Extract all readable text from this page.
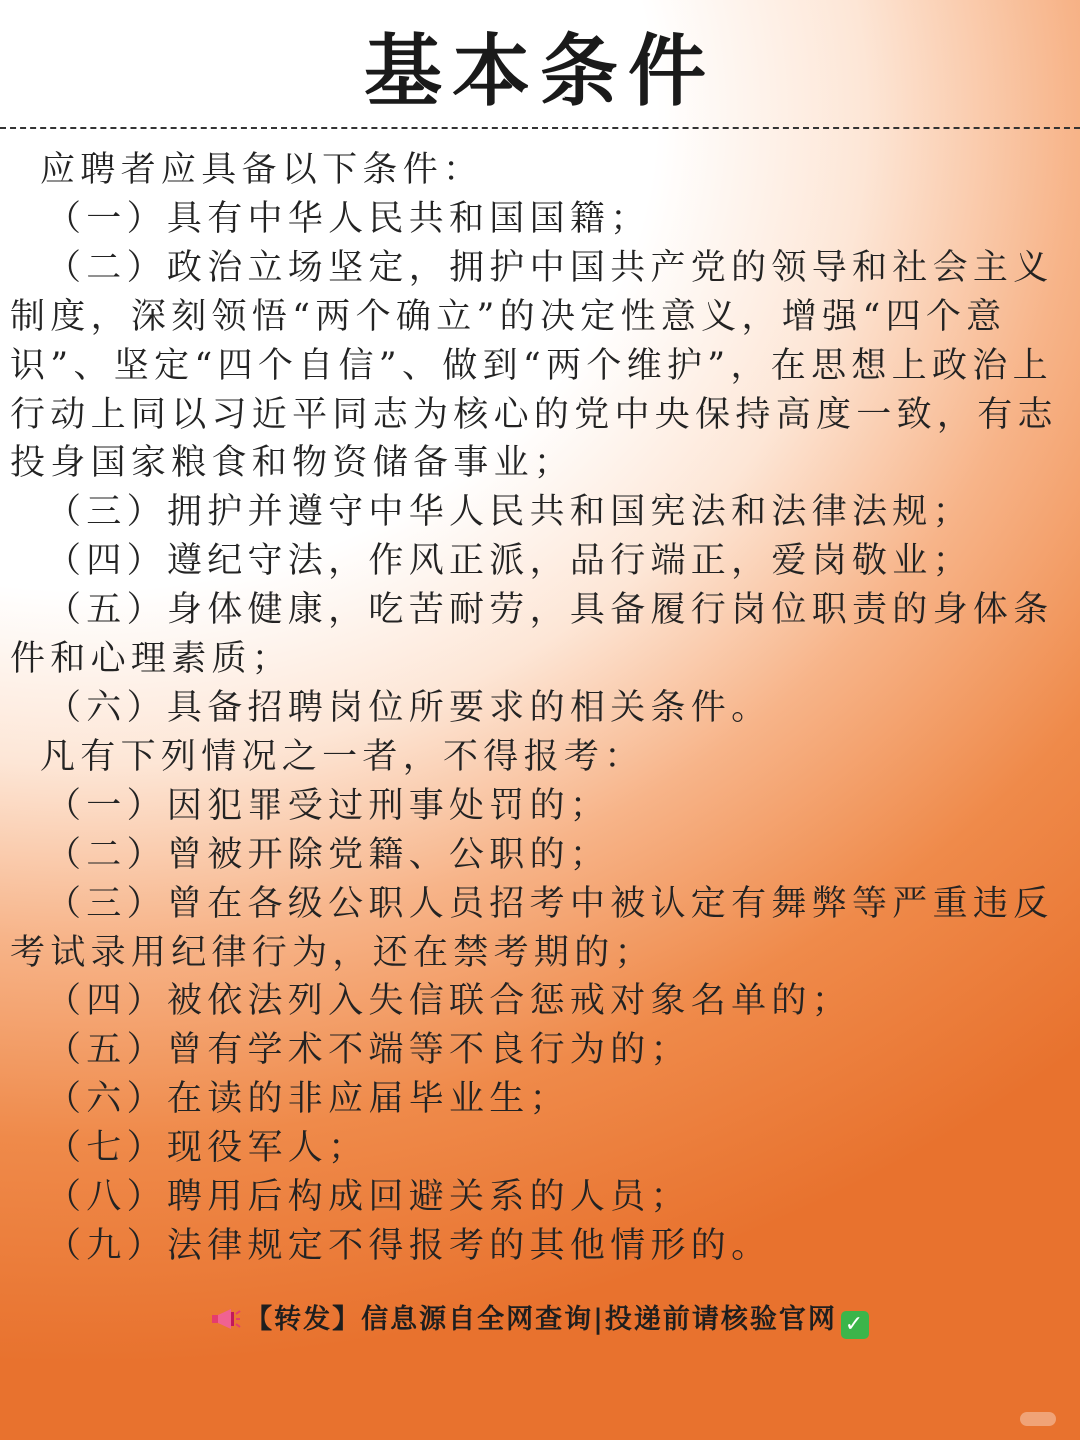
基本条件

应聘者应具备以下条件：

（一）具有中华人民共和国国籍；

（二）政治立场坚定，拥护中国共产党的领导和社会主义制度，深刻领悟“两个确立”的决定性意义，增强“四个意识”、坚定“四个自信”、做到“两个维护”，在思想上政治上行动上同以习近平同志为核心的党中央保持高度一致，有志投身国家粮食和物资储备事业；

（三）拥护并遵守中华人民共和国宪法和法律法规；

（四）遵纪守法，作风正派，品行端正，爱岗敬业；

（五）身体健康，吃苦耐劳，具备履行岗位职责的身体条件和心理素质；

（六）具备招聘岗位所要求的相关条件。

凡有下列情况之一者，不得报考：

（一）因犯罪受过刑事处罚的；

（二）曾被开除党籍、公职的；

（三）曾在各级公职人员招考中被认定有舞弊等严重违反考试录用纪律行为，还在禁考期的；

（四）被依法列入失信联合惩戒对象名单的；

（五）曾有学术不端等不良行为的；

（六）在读的非应届毕业生；

（七）现役军人；

（八）聘用后构成回避关系的人员；

（九）法律规定不得报考的其他情形的。

【转发】信息源自全网查询|投递前请核验官网 ✓
